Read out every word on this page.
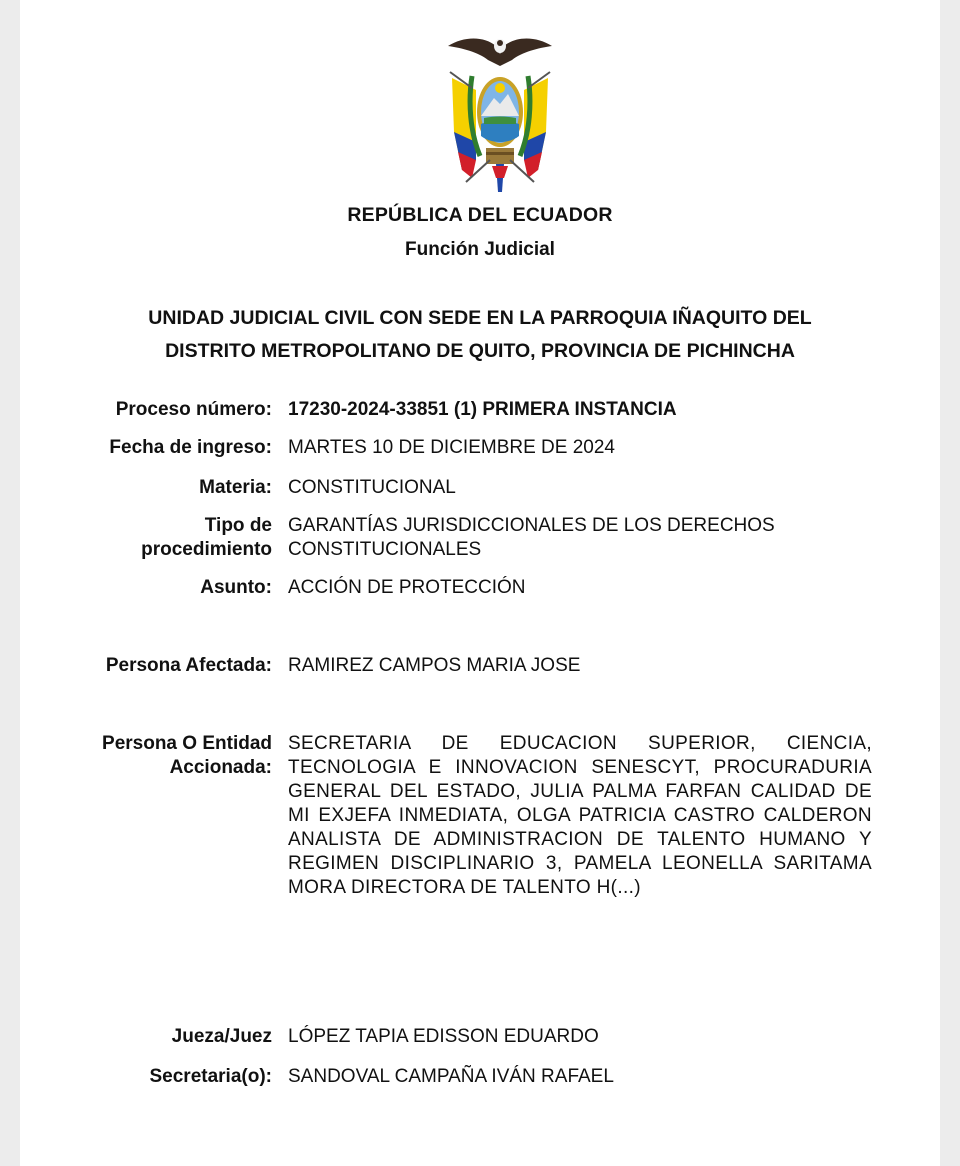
REPÚBLICA DEL ECUADOR
Función Judicial
UNIDAD JUDICIAL CIVIL CON SEDE EN LA PARROQUIA IÑAQUITO DEL
DISTRITO METROPOLITANO DE QUITO, PROVINCIA DE PICHINCHA
Proceso número: 17230-2024-33851 (1) PRIMERA INSTANCIA
Fecha de ingreso: MARTES 10 DE DICIEMBRE DE 2024
Materia: CONSTITUCIONAL
Tipo de
procedimiento
GARANTÍAS JURISDICCIONALES DE LOS DERECHOS
CONSTITUCIONALES
Asunto: ACCIÓN DE PROTECCIÓN
Persona Afectada: RAMIREZ CAMPOS MARIA JOSE
Persona O Entidad
Accionada:
SECRETARIA DE EDUCACION SUPERIOR, CIENCIA, TECNOLOGIA E INNOVACION SENESCYT, PROCURADURIA GENERAL DEL ESTADO, JULIA PALMA FARFAN CALIDAD DE MI EXJEFA INMEDIATA, OLGA PATRICIA CASTRO CALDERON ANALISTA DE ADMINISTRACION DE TALENTO HUMANO Y REGIMEN DISCIPLINARIO 3, PAMELA LEONELLA SARITAMA MORA DIRECTORA DE TALENTO H(...)
Jueza/Juez LÓPEZ TAPIA EDISSON EDUARDO
Secretaria(o): SANDOVAL CAMPAÑA IVÁN RAFAEL
